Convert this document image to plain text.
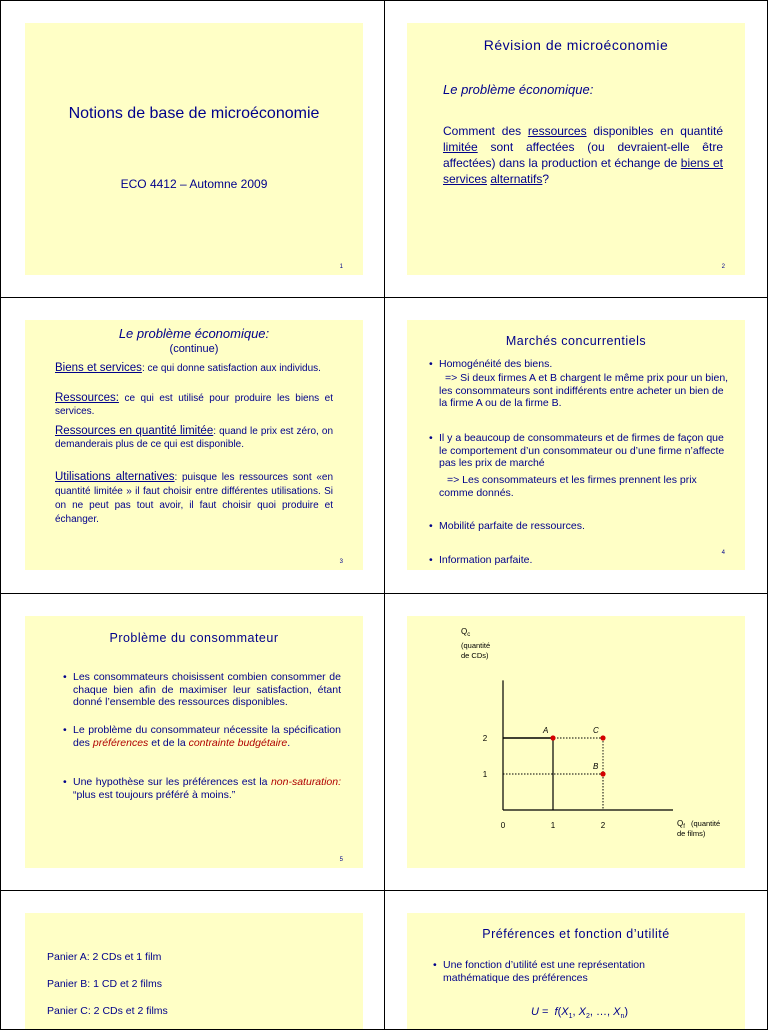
Notions de base de microéconomie
ECO 4412 – Automne 2009
1
Révision de microéconomie
Le problème économique:
Comment des ressources disponibles en quantité limitée sont affectées (ou devraient-elle être affectées) dans la production et échange de biens et services alternatifs?
2
Le problème économique:
(continue)
Biens et services: ce qui donne satisfaction aux individus.
Ressources: ce qui est utilisé pour produire les biens et services.
Ressources en quantité limitée: quand le prix est zéro, on demanderais plus de ce qui est disponible.
Utilisations alternatives: puisque les ressources sont «en quantité limitée » il faut choisir entre différentes utilisations. Si on ne peut pas tout avoir, il faut choisir quoi produire et échanger.
3
Marchés concurrentiels
• Homogénéité des biens.
=> Si deux firmes A et B chargent le même prix pour un bien, les consommateurs sont indifférents entre acheter un bien de la firme A ou de la firme B.
• Il y a beaucoup de consommateurs et de firmes de façon que le comportement d’un consommateur ou d’une firme n’affecte pas les prix de marché
=> Les consommateurs et les firmes prennent les prix comme donnés.
• Mobilité parfaite de ressources.
• Information parfaite.
4
Problème du consommateur
• Les consommateurs choisissent combien consommer de chaque bien afin de maximiser leur satisfaction, étant donné l’ensemble des ressources disponibles.
• Le problème du consommateur nécessite la spécification des préférences et de la contrainte budgétaire.
• Une hypothèse sur les préférences est la non-saturation: “plus est toujours préféré à moins.”
5
$Q_c$
(quantité
de CDs)
$Q_f$ (quantité
de films)
0	1	2
1
2
A	C
B
Panier A: 2 CDs et 1 film
Panier B: 1 CD et 2 films
Panier C: 2 CDs et 2 films
Préférences et fonction d’utilité
• Une fonction d’utilité est une représentation mathématique des préférences
$U = f(X_1$, $X_2$, …, $X_n$)
